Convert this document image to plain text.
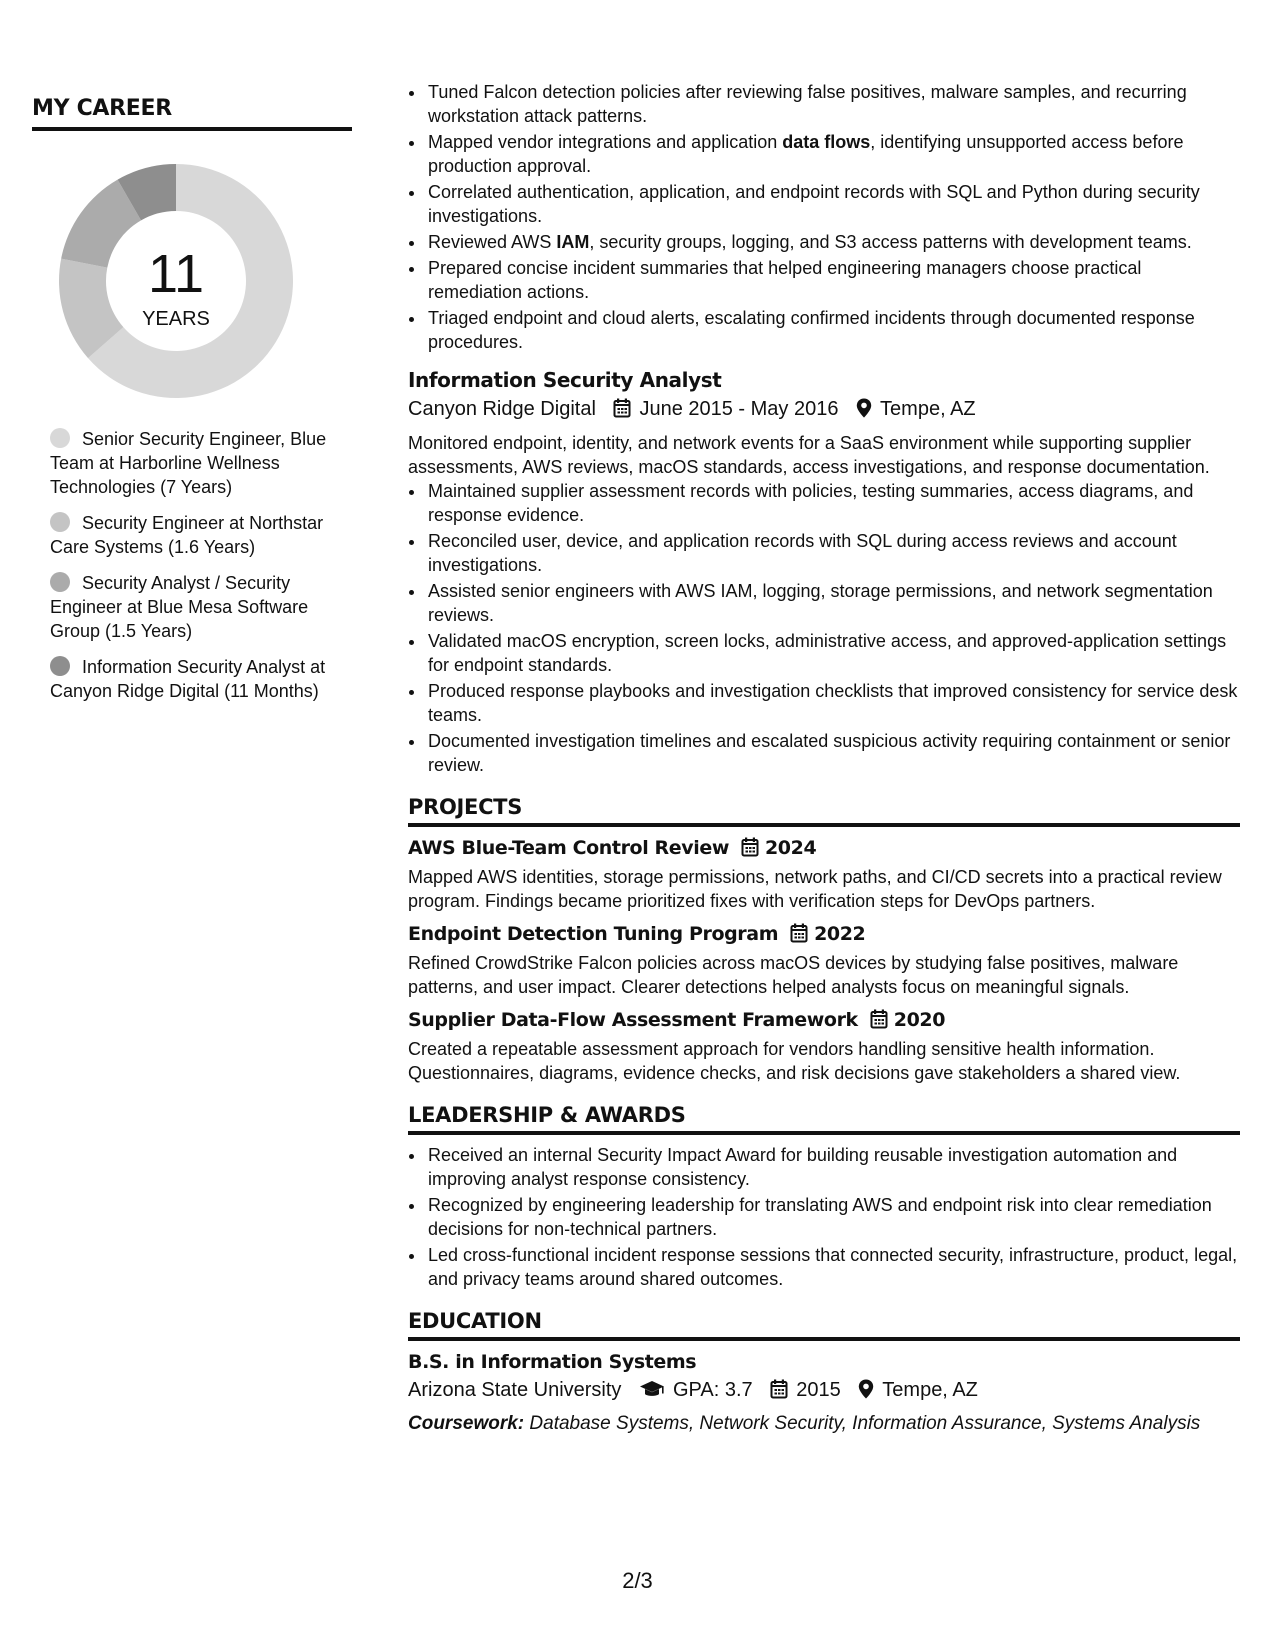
MY CAREER
11
YEARS
Senior Security Engineer, Blue Team at Harborline Wellness Technologies (7 Years)
Security Engineer at Northstar Care Systems (1.6 Years)
Security Analyst / Security Engineer at Blue Mesa Software Group (1.5 Years)
Information Security Analyst at Canyon Ridge Digital (11 Months)
• Tuned Falcon detection policies after reviewing false positives, malware samples, and recurring workstation attack patterns.
• Mapped vendor integrations and application data flows, identifying unsupported access before production approval.
• Correlated authentication, application, and endpoint records with SQL and Python during security investigations.
• Reviewed AWS IAM, security groups, logging, and S3 access patterns with development teams.
• Prepared concise incident summaries that helped engineering managers choose practical remediation actions.
• Triaged endpoint and cloud alerts, escalating confirmed incidents through documented response procedures.
Information Security Analyst
Canyon Ridge Digital June 2015 - May 2016 Tempe, AZ
Monitored endpoint, identity, and network events for a SaaS environment while supporting supplier assessments, AWS reviews, macOS standards, access investigations, and response documentation.
• Maintained supplier assessment records with policies, testing summaries, access diagrams, and response evidence.
• Reconciled user, device, and application records with SQL during access reviews and account investigations.
• Assisted senior engineers with AWS IAM, logging, storage permissions, and network segmentation reviews.
• Validated macOS encryption, screen locks, administrative access, and approved-application settings for endpoint standards.
• Produced response playbooks and investigation checklists that improved consistency for service desk teams.
• Documented investigation timelines and escalated suspicious activity requiring containment or senior review.
PROJECTS
AWS Blue-Team Control Review 2024
Mapped AWS identities, storage permissions, network paths, and CI/CD secrets into a practical review program. Findings became prioritized fixes with verification steps for DevOps partners.
Endpoint Detection Tuning Program 2022
Refined CrowdStrike Falcon policies across macOS devices by studying false positives, malware patterns, and user impact. Clearer detections helped analysts focus on meaningful signals.
Supplier Data-Flow Assessment Framework 2020
Created a repeatable assessment approach for vendors handling sensitive health information. Questionnaires, diagrams, evidence checks, and risk decisions gave stakeholders a shared view.
LEADERSHIP & AWARDS
• Received an internal Security Impact Award for building reusable investigation automation and improving analyst response consistency.
• Recognized by engineering leadership for translating AWS and endpoint risk into clear remediation decisions for non-technical partners.
• Led cross-functional incident response sessions that connected security, infrastructure, product, legal, and privacy teams around shared outcomes.
EDUCATION
B.S. in Information Systems
Arizona State University	GPA: 3.7 2015 Tempe, AZ
Coursework: Database Systems, Network Security, Information Assurance, Systems Analysis
2/3
